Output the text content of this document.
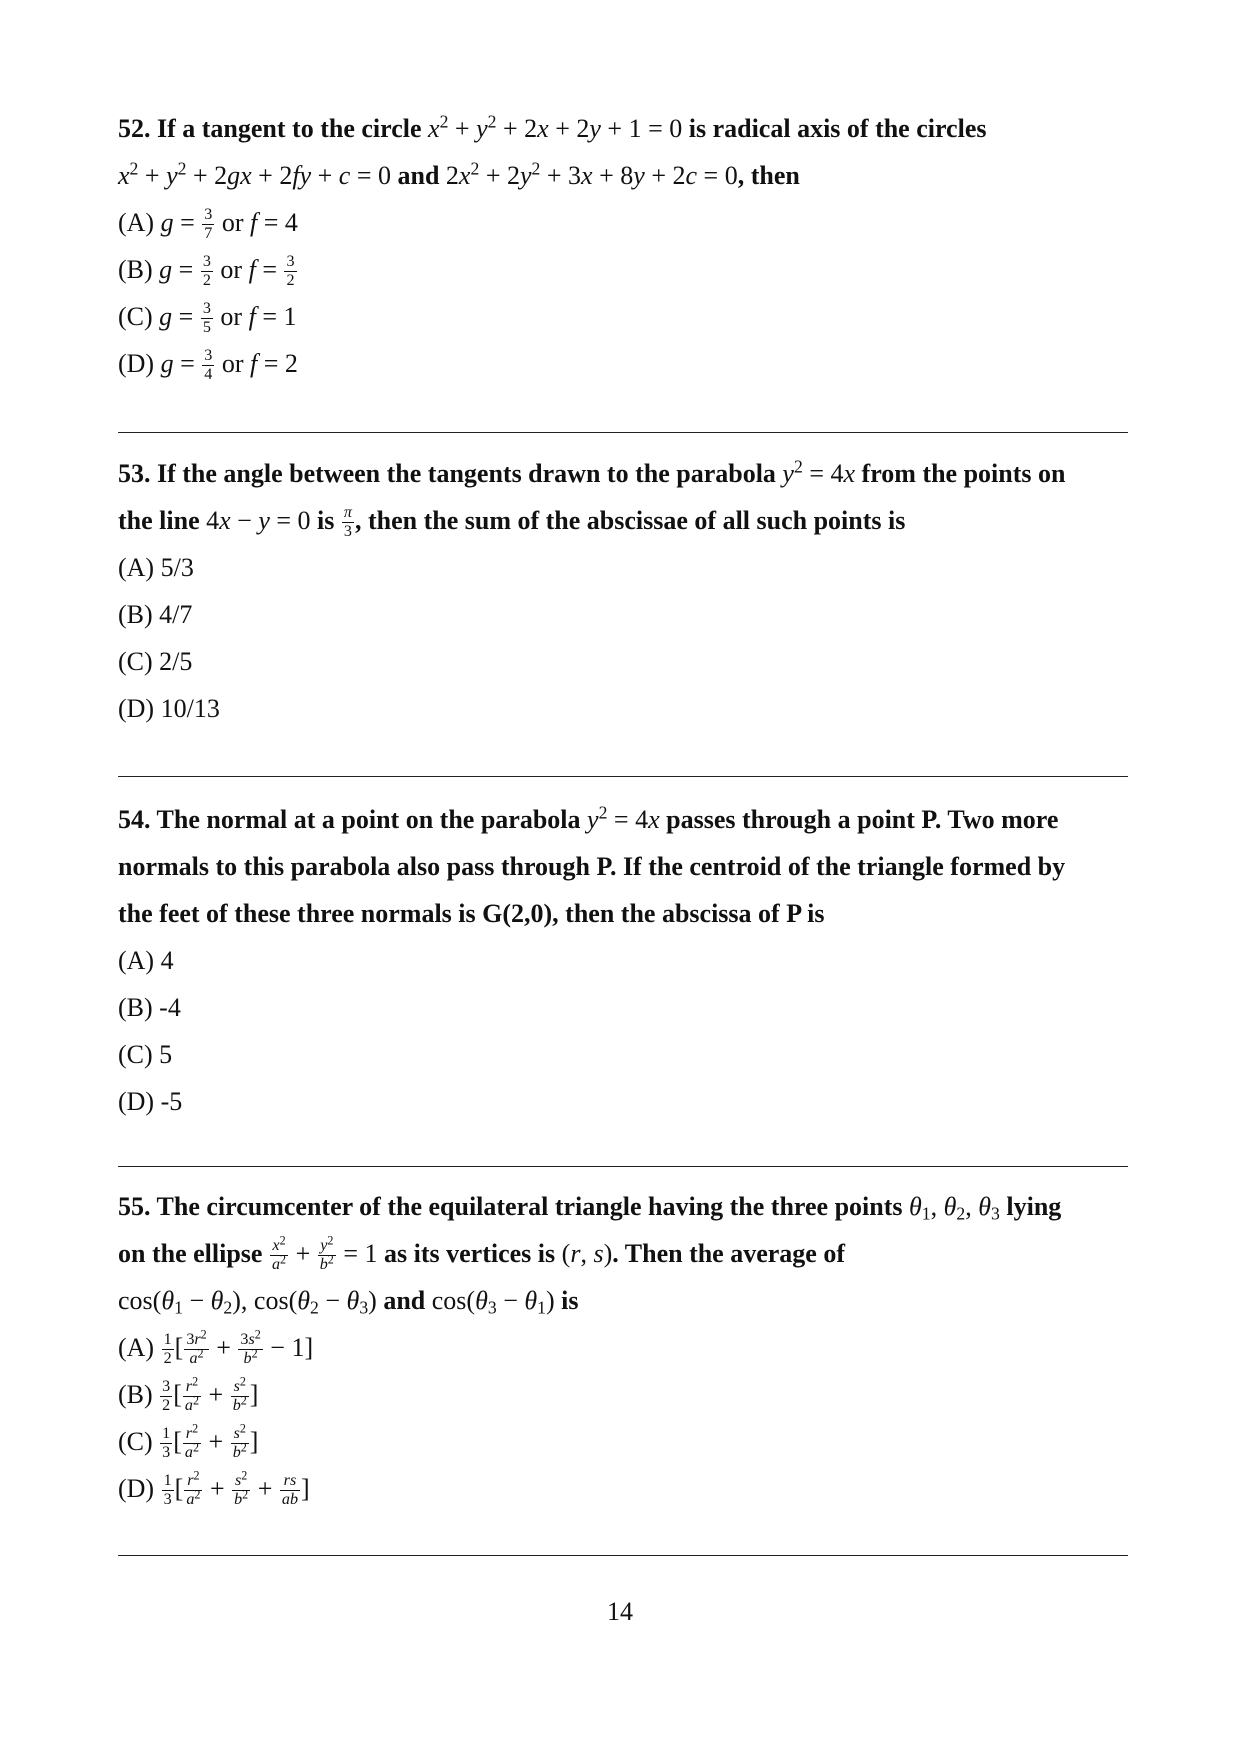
52. If a tangent to the circle $x^2 + y^2 + 2x + 2y + 1 = 0$ is radical axis of the circles
$x^2 + y^2 + 2gx + 2fy + c = 0$ and $2x^2 + 2y^2 + 3x + 8y + 2c = 0$, then
(A) $g = \frac{3}{7}$ or f = 4
(B) $g = \frac{3}{2}$ or $f = \frac{3}{2}$
(C) $g = \frac{3}{5}$ or f = 1
(D) $g = \frac{3}{4}$ or f = 2
53. If the angle between the tangents drawn to the parabola $y^2 = 4x$ from the points on
the line 4x − y = 0 is $\frac{\pi}{3}$ , then the sum of the abscissae of all such points is
(A) 5/3
(B) 4/7
(C) 2/5
(D) 10/13
54. The normal at a point on the parabola $y^2 = 4x$ passes through a point P. Two more
normals to this parabola also pass through P. If the centroid of the triangle formed by
the feet of these three normals is G(2,0), then the abscissa of P is
(A) 4
(B) -4
(C) 5
(D) -5
55. The circumcenter of the equilateral triangle having the three points $\theta_1$, $\theta_2$, $\theta_3$ lying
on the ellipse $\frac{x^2}{a^2} + \frac{y^2}{b^2} = 1$ as its vertices is (r, s). Then the average of
$\cos(\theta_1 - \theta_2)$, $\cos(\theta_2 - \theta_3)$ and $\cos(\theta_3 - \theta_1)$ is
$(A) \frac{1}{2}$ [ $\frac{3r^2}{a^2} + \frac{3s^2}{b^2} - 1$]
$(B) \frac{3}{2}$ [ $\frac{r^2}{a^2} + \frac{s^2}{b^2}$ ]
$(C) \frac{1}{3}$ [ $\frac{r^2}{a^2} + \frac{s^2}{b^2}$ ]
$(D) \frac{1}{3}$ [ $\frac{r^2}{a^2} + \frac{s^2}{b^2} + \frac{rs}{ab}$ ]
14
